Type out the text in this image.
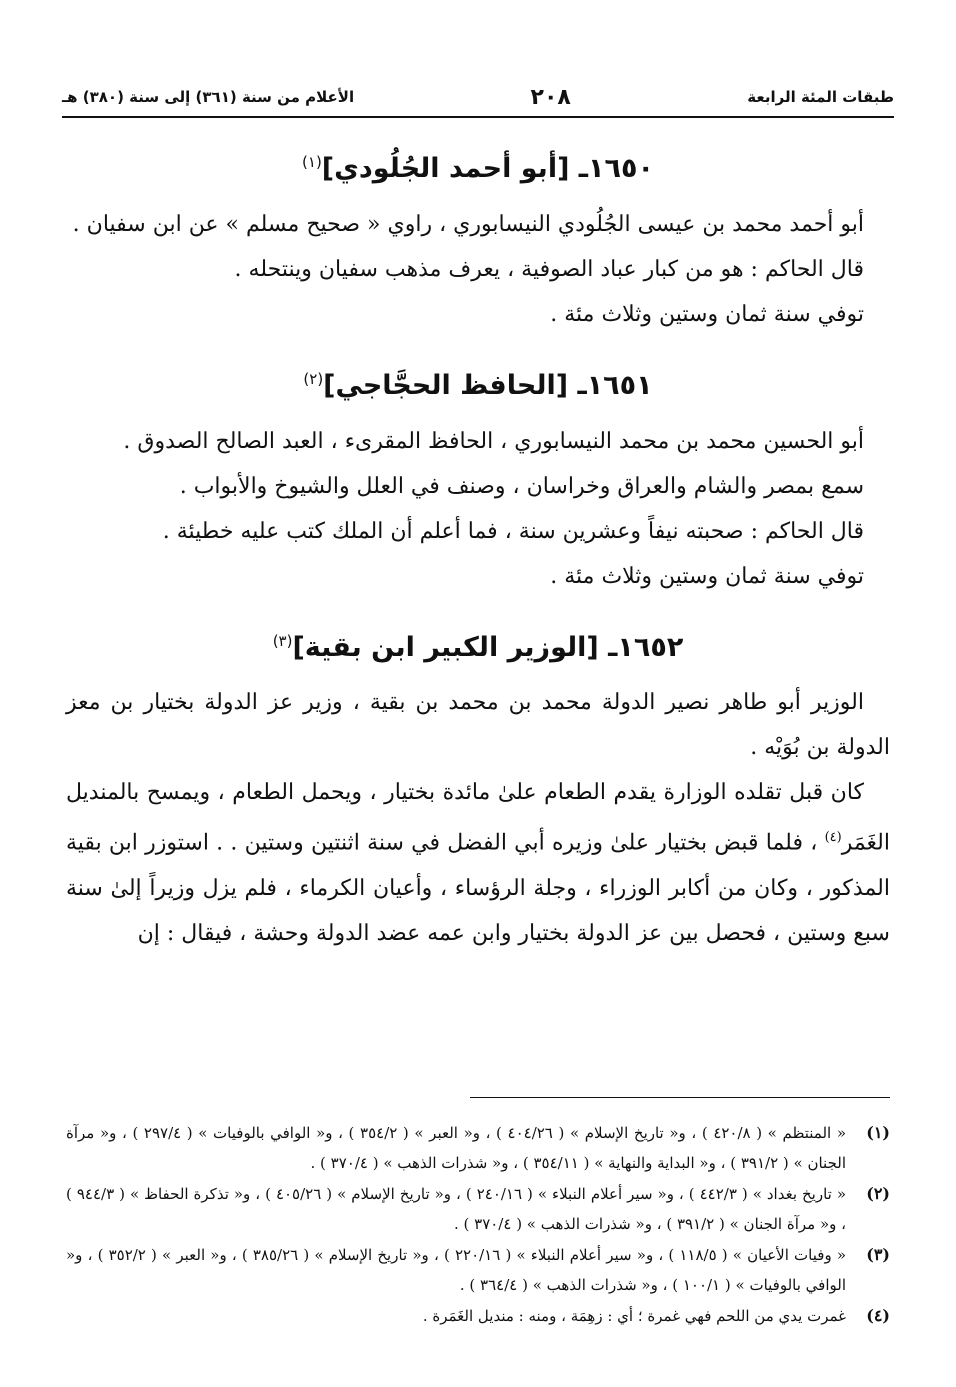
طبقات المئة الرابعة
٢٠٨
الأعلام من سنة (٣٦١) إلى سنة (٣٨٠) هـ
١٦٥٠ـ [أبو أحمد الجُلُودي]$^{(١)}$

أبو أحمد محمد بن عيسى الجُلُودي النيسابوري ، راوي « صحيح مسلم » عن ابن سفيان .

قال الحاكم : هو من كبار عباد الصوفية ، يعرف مذهب سفيان وينتحله .

توفي سنة ثمان وستين وثلاث مئة .

١٦٥١ـ [الحافظ الحجَّاجي]$^{(٢)}$

أبو الحسين محمد بن محمد النيسابوري ، الحافظ المقرىء ، العبد الصالح الصدوق .

سمع بمصر والشام والعراق وخراسان ، وصنف في العلل والشيوخ والأبواب .

قال الحاكم : صحبته نيفاً وعشرين سنة ، فما أعلم أن الملك كتب عليه خطيئة .

توفي سنة ثمان وستين وثلاث مئة .

١٦٥٢ـ [الوزير الكبير ابن بقية]$^{(٣)}$

الوزير أبو طاهر نصير الدولة محمد بن محمد بن بقية ، وزير عز الدولة بختيار بن معز الدولة بن بُوَيْه .

كان قبل تقلده الوزارة يقدم الطعام علىٰ مائدة بختيار ، ويحمل الطعام ، ويمسح بالمنديل الغَمَر$^{(٤)}$ ، فلما قبض بختيار علىٰ وزيره أبي الفضل في سنة اثنتين وستين . . استوزر ابن بقية المذكور ، وكان من أكابر الوزراء ، وجلة الرؤساء ، وأعيان الكرماء ، فلم يزل وزيراً إلىٰ سنة سبع وستين ، فحصل بين عز الدولة بختيار وابن عمه عضد الدولة وحشة ، فيقال : إن

(١)
« المنتظم » ( ٤٢٠/٨ ) ، و« تاريخ الإسلام » ( ٤٠٤/٢٦ ) ، و« العبر » ( ٣٥٤/٢ ) ، و« الوافي بالوفيات » ( ٢٩٧/٤ ) ، و« مرآة الجنان » ( ٣٩١/٢ ) ، و« البداية والنهاية » ( ٣٥٤/١١ ) ، و« شذرات الذهب » ( ٣٧٠/٤ ) .
(٢)
« تاريخ بغداد » ( ٤٤٢/٣ ) ، و« سير أعلام النبلاء » ( ٢٤٠/١٦ ) ، و« تاريخ الإسلام » ( ٤٠٥/٢٦ ) ، و« تذكرة الحفاظ » ( ٩٤٤/٣ ) ، و« مرآة الجنان » ( ٣٩١/٢ ) ، و« شذرات الذهب » ( ٣٧٠/٤ ) .
(٣)
« وفيات الأعيان » ( ١١٨/٥ ) ، و« سير أعلام النبلاء » ( ٢٢٠/١٦ ) ، و« تاريخ الإسلام » ( ٣٨٥/٢٦ ) ، و« العبر » ( ٣٥٢/٢ ) ، و« الوافي بالوفيات » ( ١٠٠/١ ) ، و« شذرات الذهب » ( ٣٦٤/٤ ) .
(٤)
غمرت يدي من اللحم فهي غمرة ؛ أي : زهِمَة ، ومنه : منديل الغَمَرة .
